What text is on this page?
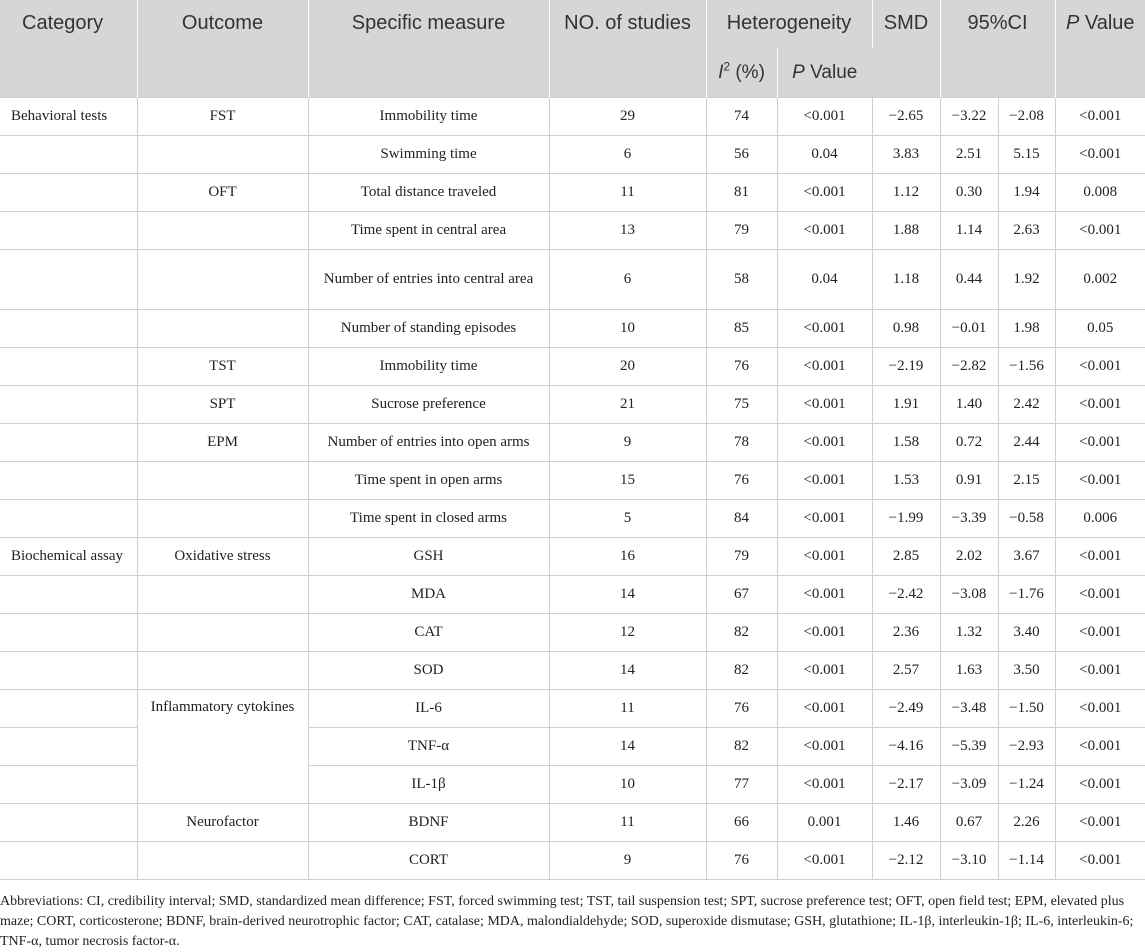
Category	Outcome	Specific measure	NO. of studies	Heterogeneity		SMD	95%CI		P Value
				$I^2$ (%)	P Value				
Behavioral tests	FST	Immobility time	29	74	<0.001	−2.65	−3.22	−2.08	<0.001
		Swimming time	6	56	0.04	3.83	2.51	5.15	<0.001
	OFT	Total distance traveled	11	81	<0.001	1.12	0.30	1.94	0.008
		Time spent in central area	13	79	<0.001	1.88	1.14	2.63	<0.001
		Number of entries into central area	6	58	0.04	1.18	0.44	1.92	0.002
		Number of standing episodes	10	85	<0.001	0.98	−0.01	1.98	0.05
	TST	Immobility time	20	76	<0.001	−2.19	−2.82	−1.56	<0.001
	SPT	Sucrose preference	21	75	<0.001	1.91	1.40	2.42	<0.001
	EPM	Number of entries into open arms	9	78	<0.001	1.58	0.72	2.44	<0.001
		Time spent in open arms	15	76	<0.001	1.53	0.91	2.15	<0.001
		Time spent in closed arms	5	84	<0.001	−1.99	−3.39	−0.58	0.006
Biochemical assay	Oxidative stress	GSH	16	79	<0.001	2.85	2.02	3.67	<0.001
		MDA	14	67	<0.001	−2.42	−3.08	−1.76	<0.001
		CAT	12	82	<0.001	2.36	1.32	3.40	<0.001
		SOD	14	82	<0.001	2.57	1.63	3.50	<0.001
	Inflammatory cytokines	IL-6	11	76	<0.001	−2.49	−3.48	−1.50	<0.001
		TNF-α	14	82	<0.001	−4.16	−5.39	−2.93	<0.001
		IL-1β	10	77	<0.001	−2.17	−3.09	−1.24	<0.001
	Neurofactor	BDNF	11	66	0.001	1.46	0.67	2.26	<0.001
		CORT	9	76	<0.001	−2.12	−3.10	−1.14	<0.001
Abbreviations: CI, credibility interval; SMD, standardized mean difference; FST, forced swimming test; TST, tail suspension test; SPT, sucrose preference test; OFT, open field test; EPM, elevated plus maze; CORT, corticosterone; BDNF, brain-derived neurotrophic factor; CAT, catalase; MDA, malondialdehyde; SOD, superoxide dismutase; GSH, glutathione; IL-1β, interleukin-1β; IL-6, interleukin-6; TNF-α, tumor necrosis factor-α.
